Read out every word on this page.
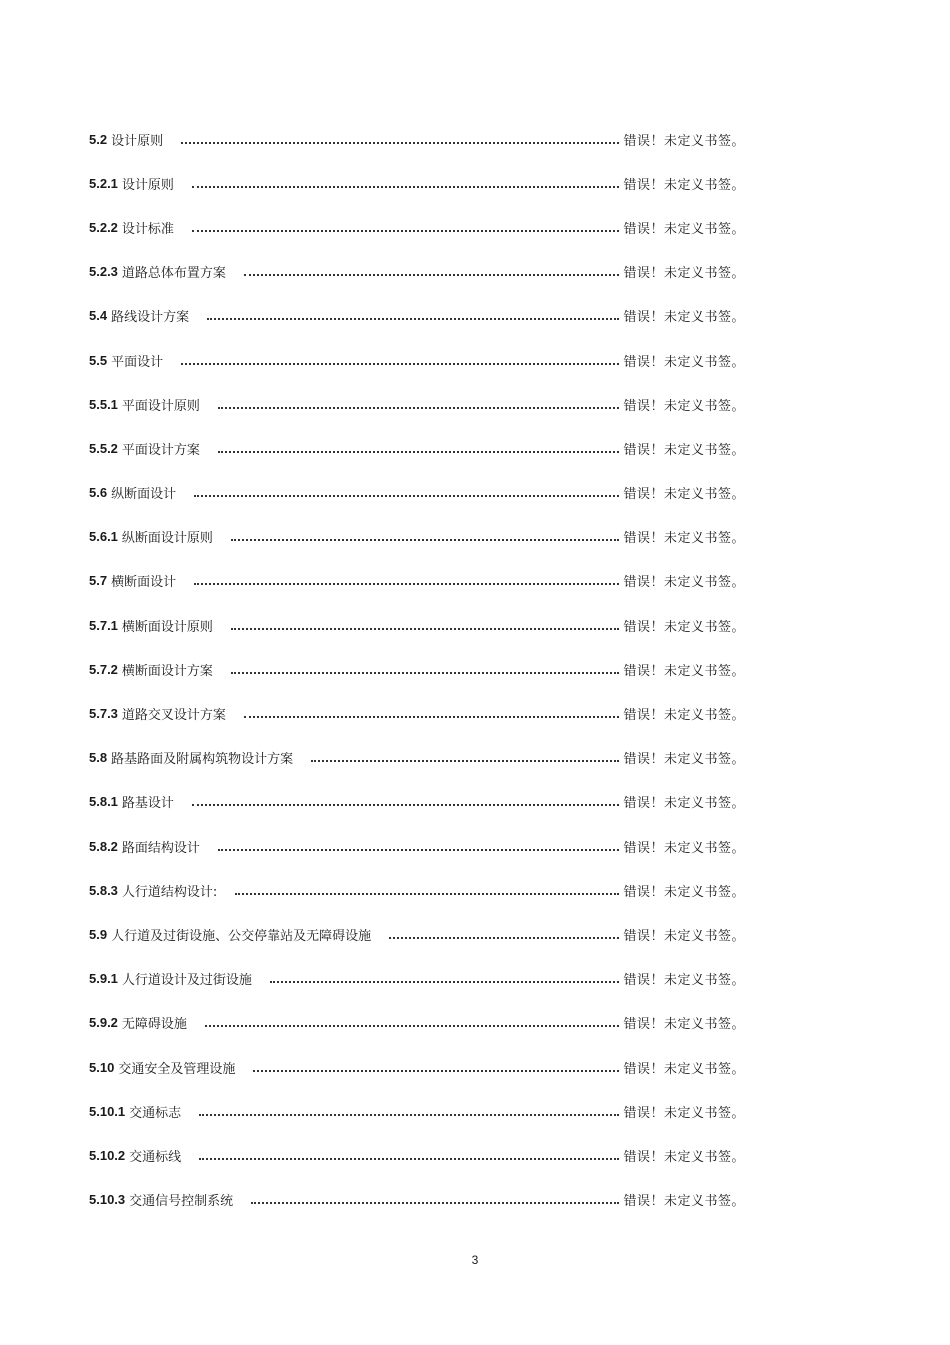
5.2 设计原则	错误！未定义书签。
5.2.1 设计原则	错误！未定义书签。
5.2.2 设计标准	错误！未定义书签。
5.2.3 道路总体布置方案	错误！未定义书签。
5.4 路线设计方案	错误！未定义书签。
5.5 平面设计	错误！未定义书签。
5.5.1 平面设计原则	错误！未定义书签。
5.5.2 平面设计方案	错误！未定义书签。
5.6 纵断面设计	错误！未定义书签。
5.6.1 纵断面设计原则	错误！未定义书签。
5.7 横断面设计	错误！未定义书签。
5.7.1 横断面设计原则	错误！未定义书签。
5.7.2 横断面设计方案	错误！未定义书签。
5.7.3 道路交叉设计方案	错误！未定义书签。
5.8 路基路面及附属构筑物设计方案	错误！未定义书签。
5.8.1 路基设计	错误！未定义书签。
5.8.2 路面结构设计	错误！未定义书签。
5.8.3 人行道结构设计:	错误！未定义书签。
5.9 人行道及过街设施、公交停靠站及无障碍设施	错误！未定义书签。
5.9.1 人行道设计及过街设施	错误！未定义书签。
5.9.2 无障碍设施	错误！未定义书签。
5.10 交通安全及管理设施	错误！未定义书签。
5.10.1 交通标志	错误！未定义书签。
5.10.2 交通标线	错误！未定义书签。
5.10.3 交通信号控制系统	错误！未定义书签。
3
